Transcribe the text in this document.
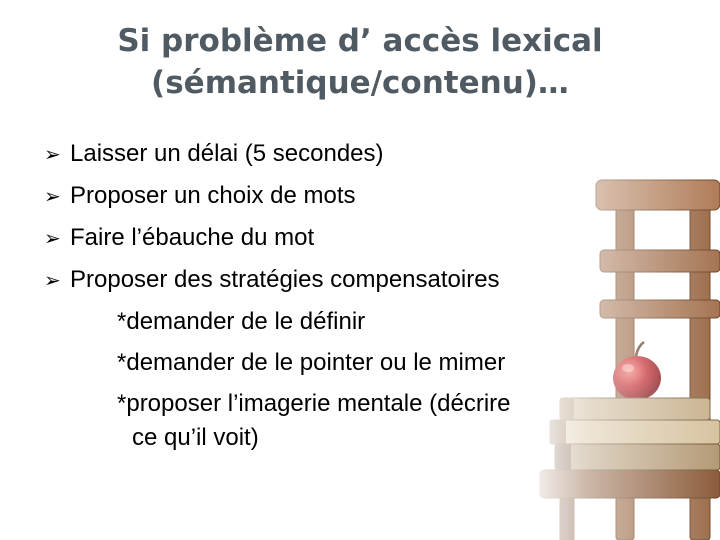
Si problème d’ accès lexical
(sémantique/contenu)…
➢ Laisser un délai (5 secondes)
➢ Proposer un choix de mots
➢ Faire l’ébauche du mot
➢ Proposer des stratégies compensatoires
*demander de le définir
*demander de le pointer ou le mimer
*proposer l’imagerie mentale (décrire
ce qu’il voit)
